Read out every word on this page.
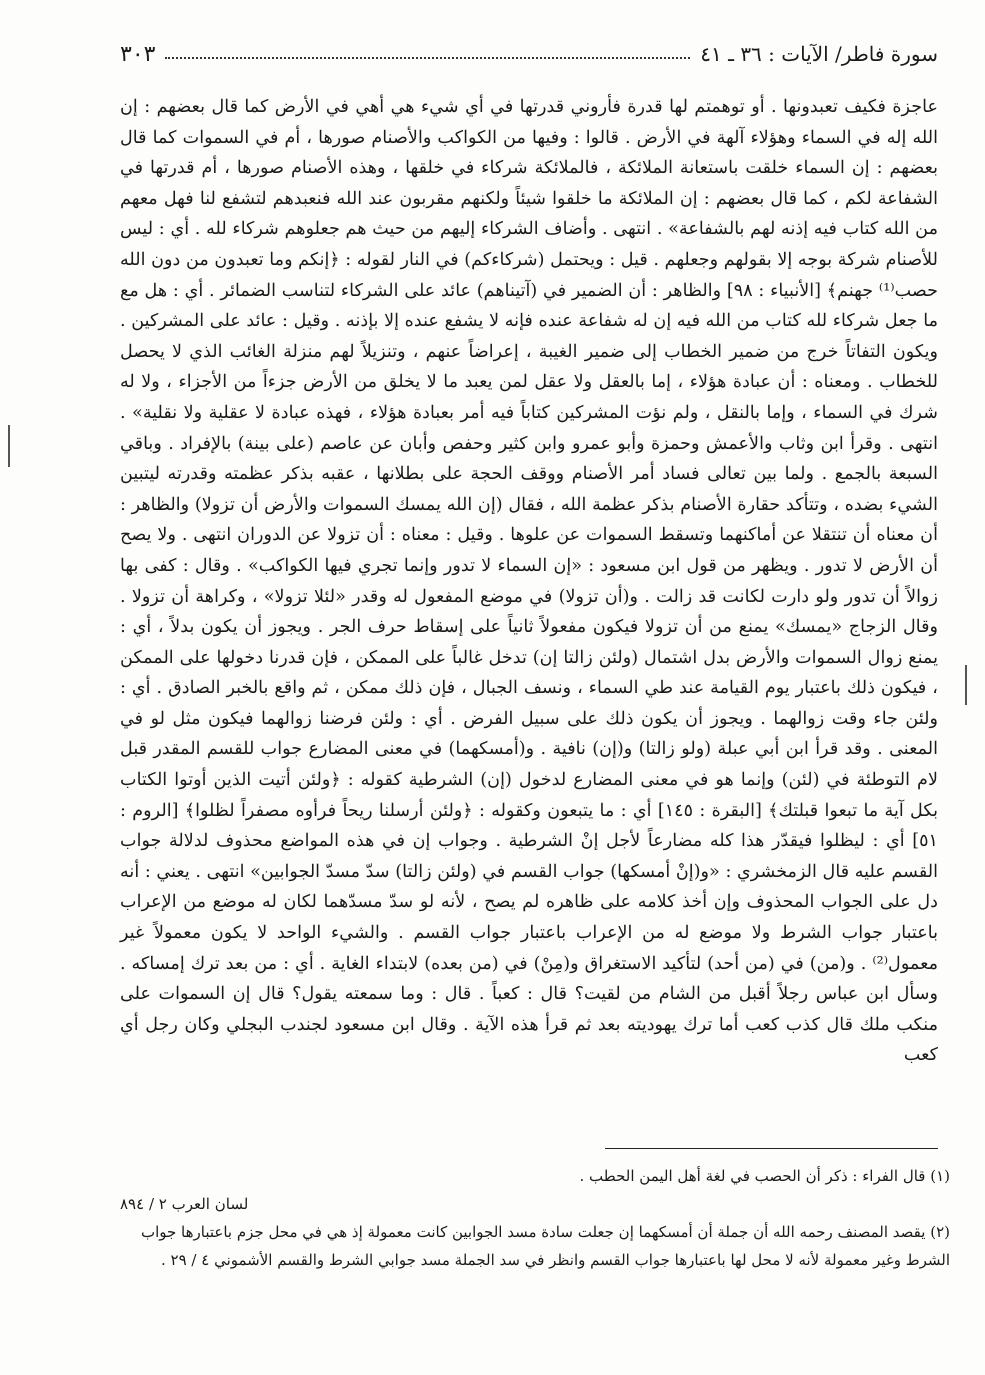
سورة فاطر/ الآيات : ٣٦ ـ ٤١
٣٠٣

عاجزة فكيف تعبدونها . أو توهمتم لها قدرة فأروني قدرتها في أي شيء هي أهي في الأرض كما قال بعضهم : إن الله إله في السماء وهؤلاء آلهة في الأرض . قالوا : وفيها من الكواكب والأصنام صورها ، أم في السموات كما قال بعضهم : إن السماء خلقت باستعانة الملائكة ، فالملائكة شركاء في خلقها ، وهذه الأصنام صورها ، أم قدرتها في الشفاعة لكم ، كما قال بعضهم : إن الملائكة ما خلقوا شيئاً ولكنهم مقربون عند الله فنعبدهم لتشفع لنا فهل معهم من الله كتاب فيه إذنه لهم بالشفاعة» . انتهى . وأضاف الشركاء إليهم من حيث هم جعلوهم شركاء لله . أي : ليس للأصنام شركة بوجه إلا بقولهم وجعلهم . قيل : ويحتمل (شركاءكم) في النار لقوله : ﴿إنكم وما تعبدون من دون الله حصب⁽¹⁾ جهنم﴾ [الأنبياء : ٩٨] والظاهر : أن الضمير في (آتيناهم) عائد على الشركاء لتناسب الضمائر . أي : هل مع ما جعل شركاء لله كتاب من الله فيه إن له شفاعة عنده فإنه لا يشفع عنده إلا بإذنه . وقيل : عائد على المشركين . ويكون التفاتاً خرج من ضمير الخطاب إلى ضمير الغيبة ، إعراضاً عنهم ، وتنزيلاً لهم منزلة الغائب الذي لا يحصل للخطاب . ومعناه : أن عبادة هؤلاء ، إما بالعقل ولا عقل لمن يعبد ما لا يخلق من الأرض جزءاً من الأجزاء ، ولا له شرك في السماء ، وإما بالنقل ، ولم نؤت المشركين كتاباً فيه أمر بعبادة هؤلاء ، فهذه عبادة لا عقلية ولا نقلية» . انتهى . وقرأ ابن وثاب والأعمش وحمزة وأبو عمرو وابن كثير وحفص وأبان عن عاصم (على بينة) بالإفراد . وباقي السبعة بالجمع . ولما بين تعالى فساد أمر الأصنام ووقف الحجة على بطلانها ، عقبه بذكر عظمته وقدرته ليتبين الشيء بضده ، وتتأكد حقارة الأصنام بذكر عظمة الله ، فقال (إن الله يمسك السموات والأرض أن تزولا) والظاهر : أن معناه أن تنتقلا عن أماكنهما وتسقط السموات عن علوها . وقيل : معناه : أن تزولا عن الدوران انتهى . ولا يصح أن الأرض لا تدور . ويظهر من قول ابن مسعود : «إن السماء لا تدور وإنما تجري فيها الكواكب» . وقال : كفى بها زوالاً أن تدور ولو دارت لكانت قد زالت . و(أن تزولا) في موضع المفعول له وقدر «لئلا تزولا» ، وكراهة أن تزولا . وقال الزجاج «يمسك» يمنع من أن تزولا فيكون مفعولاً ثانياً على إسقاط حرف الجر . ويجوز أن يكون بدلاً ، أي : يمنع زوال السموات والأرض بدل اشتمال (ولئن زالتا إن) تدخل غالباً على الممكن ، فإن قدرنا دخولها على الممكن ، فيكون ذلك باعتبار يوم القيامة عند طي السماء ، ونسف الجبال ، فإن ذلك ممكن ، ثم واقع بالخبر الصادق . أي : ولئن جاء وقت زوالهما . ويجوز أن يكون ذلك على سبيل الفرض . أي : ولئن فرضنا زوالهما فيكون مثل لو في المعنى . وقد قرأ ابن أبي عبلة (ولو زالتا) و(إن) نافية . و(أمسكهما) في معنى المضارع جواب للقسم المقدر قبل لام التوطئة في (لئن) وإنما هو في معنى المضارع لدخول (إن) الشرطية كقوله : ﴿ولئن أتيت الذين أوتوا الكتاب بكل آية ما تبعوا قبلتك﴾ [البقرة : ١٤٥] أي : ما يتبعون وكقوله : ﴿ولئن أرسلنا ريحاً فرأوه مصفراً لظلوا﴾ [الروم : ٥١] أي : ليظلوا فيقدّر هذا كله مضارعاً لأجل إنْ الشرطية . وجواب إن في هذه المواضع محذوف لدلالة جواب القسم عليه قال الزمخشري : «و(إنْ أمسكها) جواب القسم في (ولئن زالتا) سدّ مسدّ الجوابين» انتهى . يعني : أنه دل على الجواب المحذوف وإن أخذ كلامه على ظاهره لم يصح ، لأنه لو سدّ مسدّهما لكان له موضع من الإعراب باعتبار جواب الشرط ولا موضع له من الإعراب باعتبار جواب القسم . والشيء الواحد لا يكون معمولاً غير معمول⁽²⁾ . و(من) في (من أحد) لتأكيد الاستغراق و(مِنْ) في (من بعده) لابتداء الغاية . أي : من بعد ترك إمساكه . وسأل ابن عباس رجلاً أقبل من الشام من لقيت؟ قال : كعباً . قال : وما سمعته يقول؟ قال إن السموات على منكب ملك قال كذب كعب أما ترك يهوديته بعد ثم قرأ هذه الآية . وقال ابن مسعود لجندب البجلي وكان رجل أي كعب

(١) قال الفراء : ذكر أن الحصب في لغة أهل اليمن الحطب .

لسان العرب ٢ / ٨٩٤

(٢) يقصد المصنف رحمه الله أن جملة أن أمسكهما إن جعلت سادة مسد الجوابين كانت معمولة إذ هي في محل جزم باعتبارها جواب الشرط وغير معمولة لأنه لا محل لها باعتبارها جواب القسم وانظر في سد الجملة مسد جوابي الشرط والقسم الأشموني ٤ / ٢٩ .
